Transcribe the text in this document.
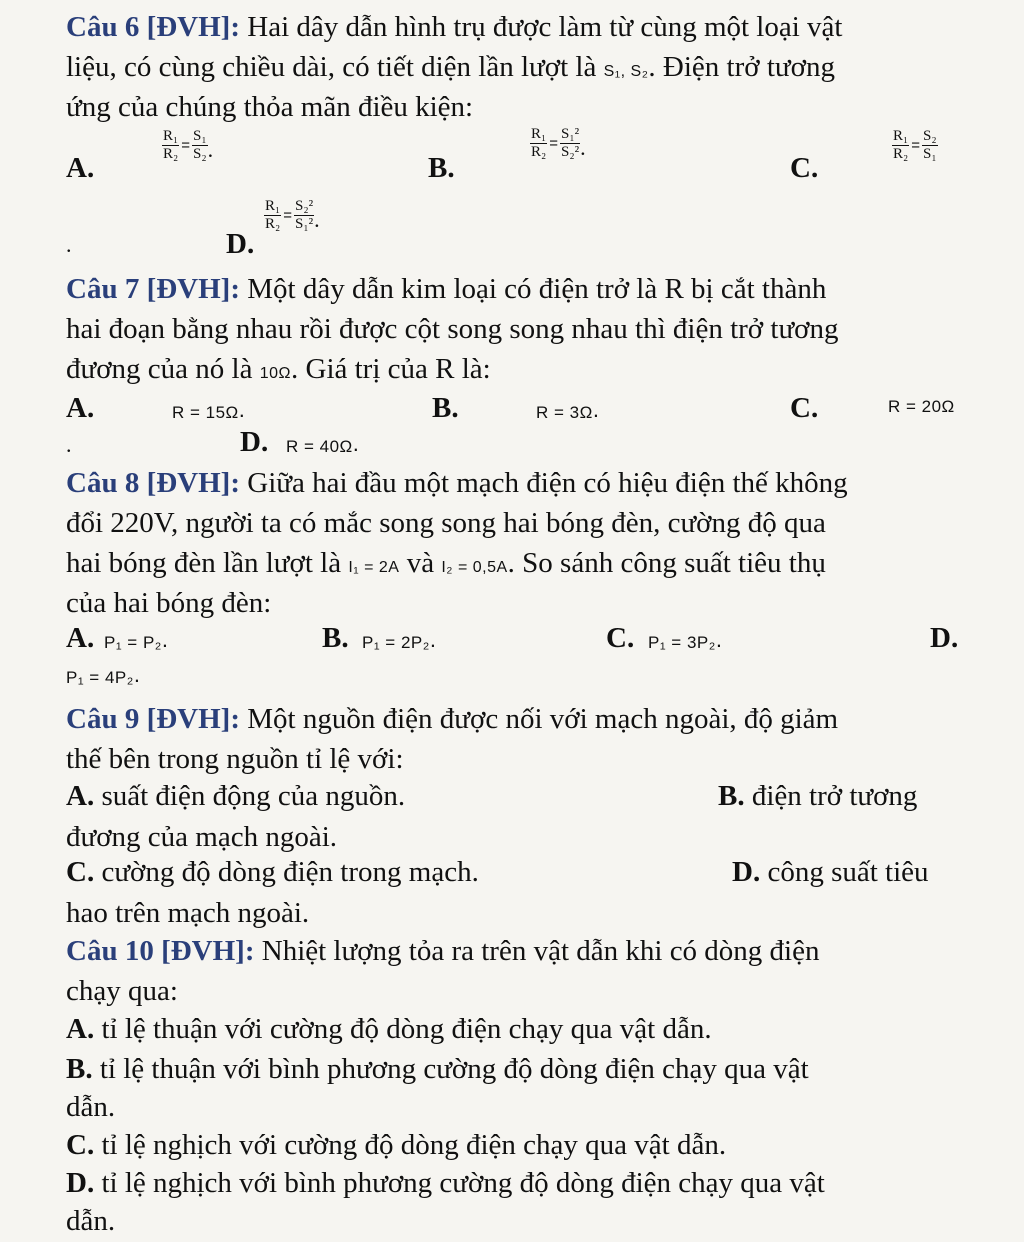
Câu 6 [ĐVH]: Hai dây dẫn hình trụ được làm từ cùng một loại vật
liệu, có cùng chiều dài, có tiết diện lần lượt là S₁, S₂. Điện trở tương
ứng của chúng thỏa mãn điều kiện:
A.
$\frac{\text{R₁}}{\text{R₂}} = \frac{\text{S₁}}{\text{S₂}}$ .
B.
$\frac{\text{R₁}}{\text{R₂}} = \frac{\text{S₁²}}{\text{S₂²}}$ .
C.
$\frac{\text{R₁}}{\text{R₂}} = \frac{\text{S₂}}{\text{S₁}}$
.	D.
$\frac{\text{R₁}}{\text{R₂}} = \frac{\text{S₂²}}{\text{S₁²}}$ .
Câu 7 [ĐVH]: Một dây dẫn kim loại có điện trở là R bị cắt thành
hai đoạn bằng nhau rồi được cột song song nhau thì điện trở tương
đương của nó là 10Ω. Giá trị của R là:
A.	R = 15Ω.	B.	R = 3Ω.	C.	R = 20Ω
.	D. R = 40Ω.
Câu 8 [ĐVH]: Giữa hai đầu một mạch điện có hiệu điện thế không
đổi 220V, người ta có mắc song song hai bóng đèn, cường độ qua
hai bóng đèn lần lượt là I₁ = 2A và I₂ = 0,5A. So sánh công suất tiêu thụ
của hai bóng đèn:
A. P₁ = P₂.	B. P₁ = 2P₂.	C. P₁ = 3P₂.	D.
P₁ = 4P₂.
Câu 9 [ĐVH]: Một nguồn điện được nối với mạch ngoài, độ giảm
thế bên trong nguồn tỉ lệ với:
A. suất điện động của nguồn.	B. điện trở tương
đương của mạch ngoài.
C. cường độ dòng điện trong mạch.	D. công suất tiêu
hao trên mạch ngoài.
Câu 10 [ĐVH]: Nhiệt lượng tỏa ra trên vật dẫn khi có dòng điện
chạy qua:
A. tỉ lệ thuận với cường độ dòng điện chạy qua vật dẫn.
B. tỉ lệ thuận với bình phương cường độ dòng điện chạy qua vật
dẫn.
C. tỉ lệ nghịch với cường độ dòng điện chạy qua vật dẫn.
D. tỉ lệ nghịch với bình phương cường độ dòng điện chạy qua vật
dẫn.
